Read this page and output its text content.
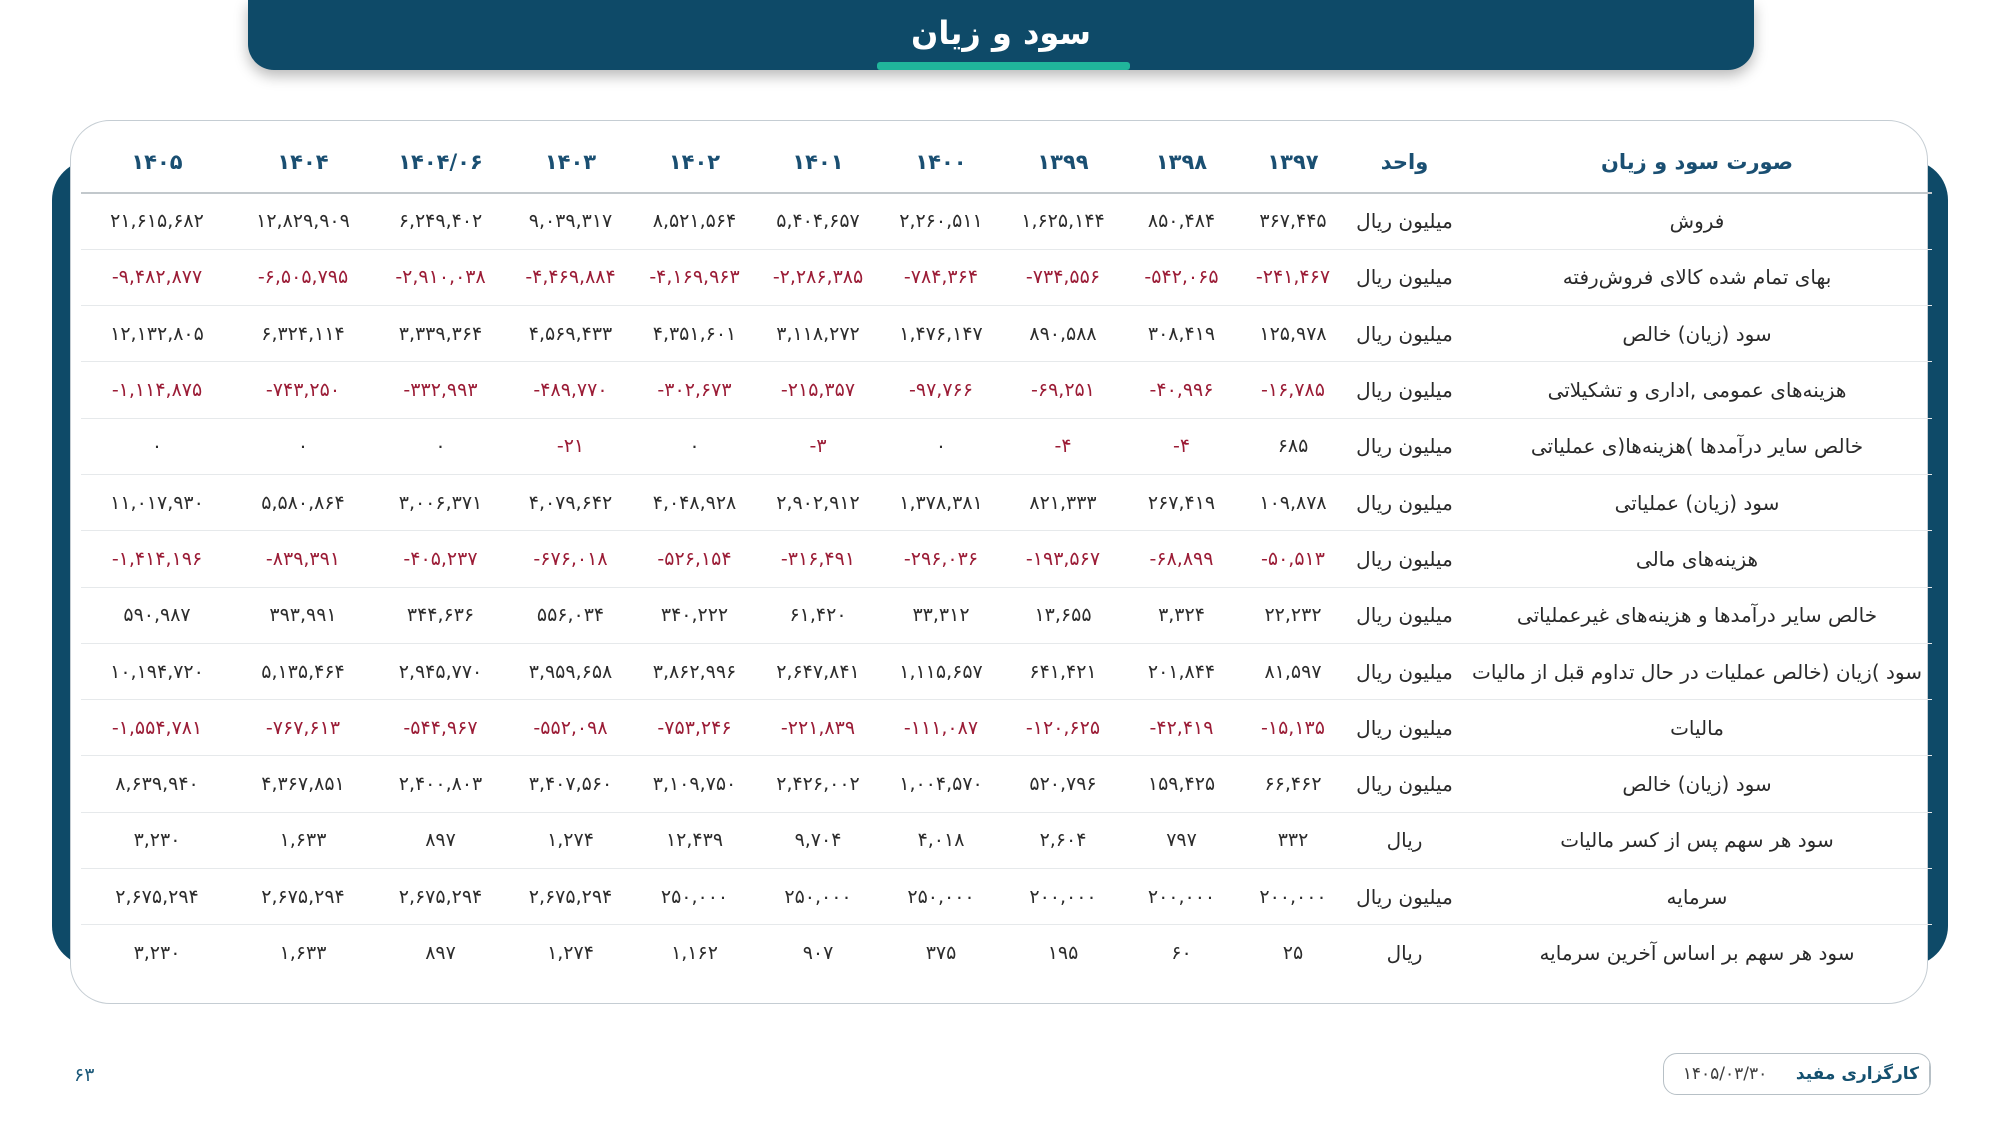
سود و زیان
صورت سود و زیان	واحد	۱۳۹۷	۱۳۹۸	۱۳۹۹	۱۴۰۰	۱۴۰۱	۱۴۰۲	۱۴۰۳	۱۴۰۴/۰۶	۱۴۰۴	۱۴۰۵
فروش	میلیون ریال	۳۶۷,۴۴۵	۸۵۰,۴۸۴	۱,۶۲۵,۱۴۴	۲,۲۶۰,۵۱۱	۵,۴۰۴,۶۵۷	۸,۵۲۱,۵۶۴	۹,۰۳۹,۳۱۷	۶,۲۴۹,۴۰۲	۱۲,۸۲۹,۹۰۹	۲۱,۶۱۵,۶۸۲
بهای تمام شده کالای فروش‌رفته	میلیون ریال	-۲۴۱,۴۶۷	-۵۴۲,۰۶۵	-۷۳۴,۵۵۶	-۷۸۴,۳۶۴	-۲,۲۸۶,۳۸۵	-۴,۱۶۹,۹۶۳	-۴,۴۶۹,۸۸۴	-۲,۹۱۰,۰۳۸	-۶,۵۰۵,۷۹۵	-۹,۴۸۲,۸۷۷
سود (زیان) خالص	میلیون ریال	۱۲۵,۹۷۸	۳۰۸,۴۱۹	۸۹۰,۵۸۸	۱,۴۷۶,۱۴۷	۳,۱۱۸,۲۷۲	۴,۳۵۱,۶۰۱	۴,۵۶۹,۴۳۳	۳,۳۳۹,۳۶۴	۶,۳۲۴,۱۱۴	۱۲,۱۳۲,۸۰۵
هزینه‌های عمومی ,اداری و تشکیلاتی	میلیون ریال	-۱۶,۷۸۵	-۴۰,۹۹۶	-۶۹,۲۵۱	-۹۷,۷۶۶	-۲۱۵,۳۵۷	-۳۰۲,۶۷۳	-۴۸۹,۷۷۰	-۳۳۲,۹۹۳	-۷۴۳,۲۵۰	-۱,۱۱۴,۸۷۵
خالص سایر درآمدها )هزینه‌ها(ی عملیاتی	میلیون ریال	۶۸۵	-۴	-۴	۰	-۳	۰	-۲۱	۰	۰	۰
سود (زیان) عملیاتی	میلیون ریال	۱۰۹,۸۷۸	۲۶۷,۴۱۹	۸۲۱,۳۳۳	۱,۳۷۸,۳۸۱	۲,۹۰۲,۹۱۲	۴,۰۴۸,۹۲۸	۴,۰۷۹,۶۴۲	۳,۰۰۶,۳۷۱	۵,۵۸۰,۸۶۴	۱۱,۰۱۷,۹۳۰
هزینه‌های مالی	میلیون ریال	-۵۰,۵۱۳	-۶۸,۸۹۹	-۱۹۳,۵۶۷	-۲۹۶,۰۳۶	-۳۱۶,۴۹۱	-۵۲۶,۱۵۴	-۶۷۶,۰۱۸	-۴۰۵,۲۳۷	-۸۳۹,۳۹۱	-۱,۴۱۴,۱۹۶
خالص سایر درآمدها و هزینه‌های غیرعملیاتی	میلیون ریال	۲۲,۲۳۲	۳,۳۲۴	۱۳,۶۵۵	۳۳,۳۱۲	۶۱,۴۲۰	۳۴۰,۲۲۲	۵۵۶,۰۳۴	۳۴۴,۶۳۶	۳۹۳,۹۹۱	۵۹۰,۹۸۷
سود )زیان (خالص عملیات در حال تداوم قبل از مالیات	میلیون ریال	۸۱,۵۹۷	۲۰۱,۸۴۴	۶۴۱,۴۲۱	۱,۱۱۵,۶۵۷	۲,۶۴۷,۸۴۱	۳,۸۶۲,۹۹۶	۳,۹۵۹,۶۵۸	۲,۹۴۵,۷۷۰	۵,۱۳۵,۴۶۴	۱۰,۱۹۴,۷۲۰
مالیات	میلیون ریال	-۱۵,۱۳۵	-۴۲,۴۱۹	-۱۲۰,۶۲۵	-۱۱۱,۰۸۷	-۲۲۱,۸۳۹	-۷۵۳,۲۴۶	-۵۵۲,۰۹۸	-۵۴۴,۹۶۷	-۷۶۷,۶۱۳	-۱,۵۵۴,۷۸۱
سود (زیان) خالص	میلیون ریال	۶۶,۴۶۲	۱۵۹,۴۲۵	۵۲۰,۷۹۶	۱,۰۰۴,۵۷۰	۲,۴۲۶,۰۰۲	۳,۱۰۹,۷۵۰	۳,۴۰۷,۵۶۰	۲,۴۰۰,۸۰۳	۴,۳۶۷,۸۵۱	۸,۶۳۹,۹۴۰
سود هر سهم پس از کسر مالیات	ریال	۳۳۲	۷۹۷	۲,۶۰۴	۴,۰۱۸	۹,۷۰۴	۱۲,۴۳۹	۱,۲۷۴	۸۹۷	۱,۶۳۳	۳,۲۳۰
سرمایه	میلیون ریال	۲۰۰,۰۰۰	۲۰۰,۰۰۰	۲۰۰,۰۰۰	۲۵۰,۰۰۰	۲۵۰,۰۰۰	۲۵۰,۰۰۰	۲,۶۷۵,۲۹۴	۲,۶۷۵,۲۹۴	۲,۶۷۵,۲۹۴	۲,۶۷۵,۲۹۴
سود هر سهم بر اساس آخرین سرمایه	ریال	۲۵	۶۰	۱۹۵	۳۷۵	۹۰۷	۱,۱۶۲	۱,۲۷۴	۸۹۷	۱,۶۳۳	۳,۲۳۰
۱۴۰۵/۰۳/۳۰	کارگزاری مفید
۶۳
